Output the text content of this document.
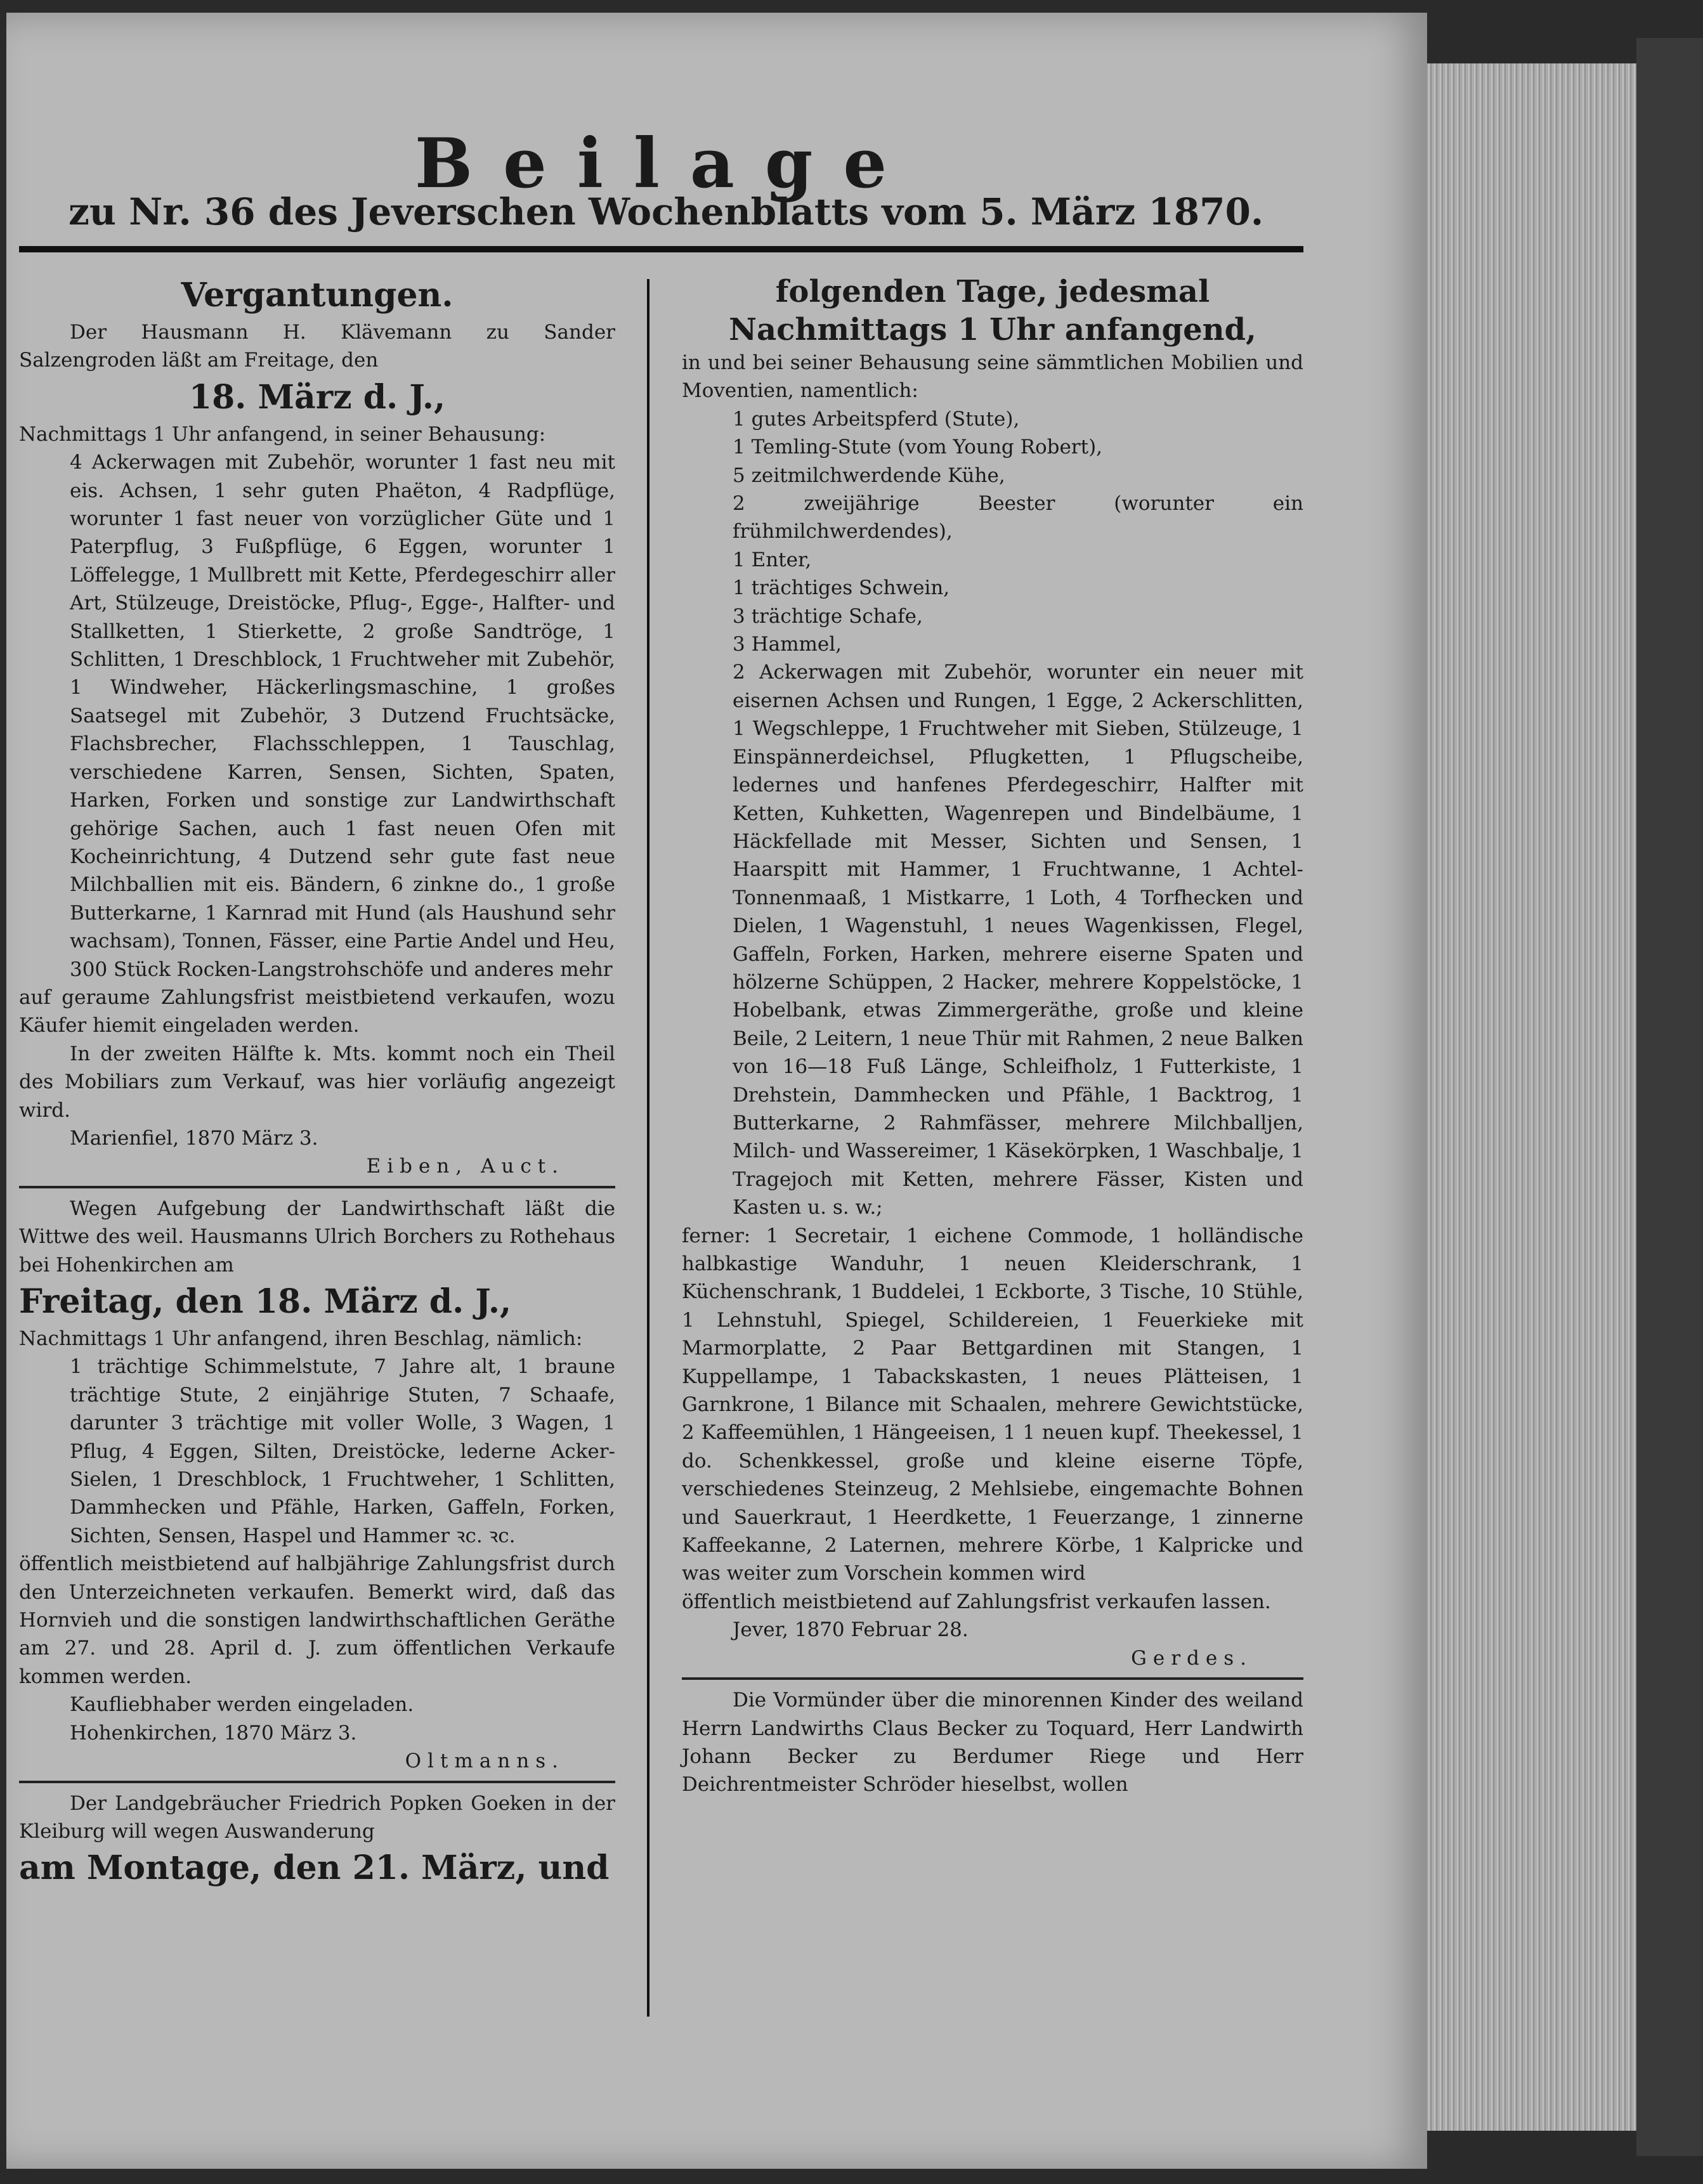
Beilage
zu Nr. 36 des Jeverschen Wochenblatts vom 5. März 1870.
Vergantungen.

Der Hausmann H. Klävemann zu Sander Salzengroden läßt am Freitage, den

18. März d. J.,

Nachmittags 1 Uhr anfangend, in seiner Behausung:

4 Ackerwagen mit Zubehör, worunter 1 fast neu mit eis. Achsen, 1 sehr guten Phaëton, 4 Radpflüge, worunter 1 fast neuer von vorzüglicher Güte und 1 Paterpflug, 3 Fußpflüge, 6 Eggen, worunter 1 Löffelegge, 1 Mullbrett mit Kette, Pferdegeschirr aller Art, Stülzeuge, Dreistöcke, Pflug-, Egge-, Halfter- und Stallketten, 1 Stierkette, 2 große Sandtröge, 1 Schlitten, 1 Dreschblock, 1 Fruchtweher mit Zubehör, 1 Windweher, Häckerlingsmaschine, 1 großes Saatsegel mit Zubehör, 3 Dutzend Fruchtsäcke, Flachsbrecher, Flachsschleppen, 1 Tauschlag, verschiedene Karren, Sensen, Sichten, Spaten, Harken, Forken und sonstige zur Landwirthschaft gehörige Sachen, auch 1 fast neuen Ofen mit Kocheinrichtung, 4 Dutzend sehr gute fast neue Milchballien mit eis. Bändern, 6 zinkne do., 1 große Butterkarne, 1 Karnrad mit Hund (als Haushund sehr wachsam), Tonnen, Fässer, eine Partie Andel und Heu, 300 Stück Rocken-Langstrohschöfe und anderes mehr

auf geraume Zahlungsfrist meistbietend verkaufen, wozu Käufer hiemit eingeladen werden.

In der zweiten Hälfte k. Mts. kommt noch ein Theil des Mobiliars zum Verkauf, was hier vorläufig angezeigt wird.

Marienfiel, 1870 März 3.

Eiben, Auct.

Wegen Aufgebung der Landwirthschaft läßt die Wittwe des weil. Hausmanns Ulrich Borchers zu Rothehaus bei Hohenkirchen am

Freitag, den 18. März d. J.,

Nachmittags 1 Uhr anfangend, ihren Beschlag, nämlich:

1 trächtige Schimmelstute, 7 Jahre alt, 1 braune trächtige Stute, 2 einjährige Stuten, 7 Schaafe, darunter 3 trächtige mit voller Wolle, 3 Wagen, 1 Pflug, 4 Eggen, Silten, Dreistöcke, lederne Acker-Sielen, 1 Dreschblock, 1 Fruchtweher, 1 Schlitten, Dammhecken und Pfähle, Harken, Gaffeln, Forken, Sichten, Sensen, Haspel und Hammer ꝛc. ꝛc.

öffentlich meistbietend auf halbjährige Zahlungsfrist durch den Unterzeichneten verkaufen. Bemerkt wird, daß das Hornvieh und die sonstigen landwirthschaftlichen Geräthe am 27. und 28. April d. J. zum öffentlichen Verkaufe kommen werden.

Kaufliebhaber werden eingeladen.

Hohenkirchen, 1870 März 3.

Oltmanns.

Der Landgebräucher Friedrich Popken Goeken in der Kleiburg will wegen Auswanderung

am Montage, den 21. März, und
folgenden Tage, jedesmal Nachmittags 1 Uhr anfangend,

in und bei seiner Behausung seine sämmtlichen Mobilien und Moventien, namentlich:

1 gutes Arbeitspferd (Stute),
1 Temling-Stute (vom Young Robert),
5 zeitmilchwerdende Kühe,
2 zweijährige Beester (worunter ein frühmilchwerdendes),
1 Enter,
1 trächtiges Schwein,
3 trächtige Schafe,
3 Hammel,

2 Ackerwagen mit Zubehör, worunter ein neuer mit eisernen Achsen und Rungen, 1 Egge, 2 Ackerschlitten, 1 Wegschleppe, 1 Fruchtweher mit Sieben, Stülzeuge, 1 Einspännerdeichsel, Pflugketten, 1 Pflugscheibe, ledernes und hanfenes Pferdegeschirr, Halfter mit Ketten, Kuhketten, Wagenrepen und Bindelbäume, 1 Häckfellade mit Messer, Sichten und Sensen, 1 Haarspitt mit Hammer, 1 Fruchtwanne, 1 Achtel-Tonnenmaaß, 1 Mistkarre, 1 Loth, 4 Torfhecken und Dielen, 1 Wagenstuhl, 1 neues Wagenkissen, Flegel, Gaffeln, Forken, Harken, mehrere eiserne Spaten und hölzerne Schüppen, 2 Hacker, mehrere Koppelstöcke, 1 Hobelbank, etwas Zimmergeräthe, große und kleine Beile, 2 Leitern, 1 neue Thür mit Rahmen, 2 neue Balken von 16—18 Fuß Länge, Schleifholz, 1 Futterkiste, 1 Drehstein, Dammhecken und Pfähle, 1 Backtrog, 1 Butterkarne, 2 Rahmfässer, mehrere Milchballjen, Milch- und Wassereimer, 1 Käsekörpken, 1 Waschbalje, 1 Tragejoch mit Ketten, mehrere Fässer, Kisten und Kasten u. s. w.;

ferner: 1 Secretair, 1 eichene Commode, 1 holländische halbkastige Wanduhr, 1 neuen Kleiderschrank, 1 Küchenschrank, 1 Buddelei, 1 Eckborte, 3 Tische, 10 Stühle, 1 Lehnstuhl, Spiegel, Schildereien, 1 Feuerkieke mit Marmorplatte, 2 Paar Bettgardinen mit Stangen, 1 Kuppellampe, 1 Tabackskasten, 1 neues Plätteisen, 1 Garnkrone, 1 Bilance mit Schaalen, mehrere Gewichtstücke, 2 Kaffeemühlen, 1 Hängeeisen, 1 1 neuen kupf. Theekessel, 1 do. Schenkkessel, große und kleine eiserne Töpfe, verschiedenes Steinzeug, 2 Mehlsiebe, eingemachte Bohnen und Sauerkraut, 1 Heerdkette, 1 Feuerzange, 1 zinnerne Kaffeekanne, 2 Laternen, mehrere Körbe, 1 Kalpricke und was weiter zum Vorschein kommen wird

öffentlich meistbietend auf Zahlungsfrist verkaufen lassen.

Jever, 1870 Februar 28.

Gerdes.

Die Vormünder über die minorennen Kinder des weiland Herrn Landwirths Claus Becker zu Toquard, Herr Landwirth Johann Becker zu Berdumer Riege und Herr Deichrentmeister Schröder hieselbst, wollen
